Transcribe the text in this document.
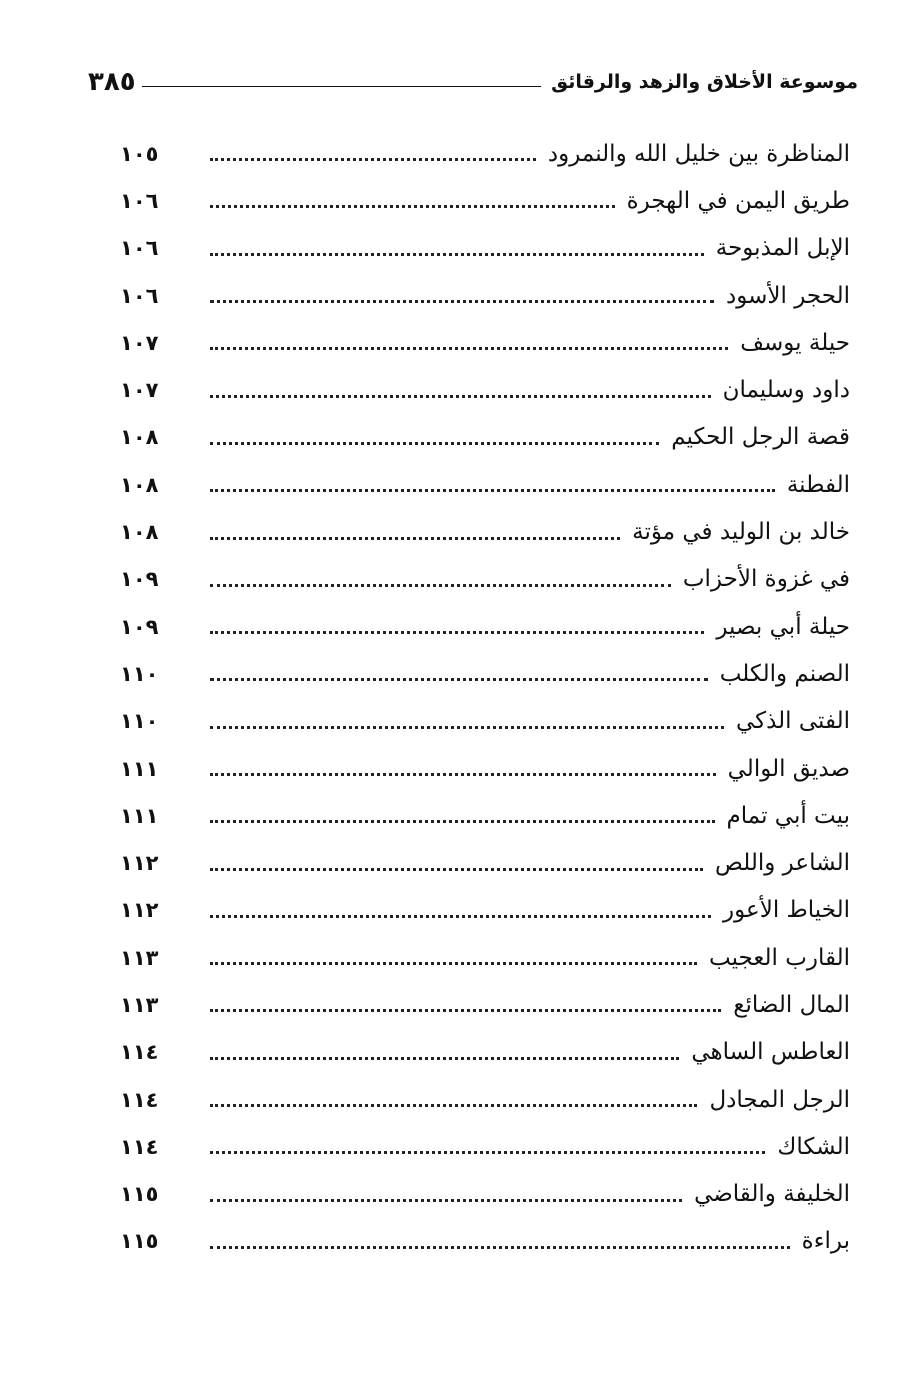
موسوعة الأخلاق والزهد والرقائق
٣٨٥
المناظرة بين خليل الله والنمرود
١٠٥
طريق اليمن في الهجرة
١٠٦
الإبل المذبوحة
١٠٦
الحجر الأسود
١٠٦
حيلة يوسف
١٠٧
داود وسليمان
١٠٧
قصة الرجل الحكيم
١٠٨
الفطنة
١٠٨
خالد بن الوليد في مؤتة
١٠٨
في غزوة الأحزاب
١٠٩
حيلة أبي بصير
١٠٩
الصنم والكلب
١١٠
الفتى الذكي
١١٠
صديق الوالي
١١١
بيت أبي تمام
١١١
الشاعر واللص
١١٢
الخياط الأعور
١١٢
القارب العجيب
١١٣
المال الضائع
١١٣
العاطس الساهي
١١٤
الرجل المجادل
١١٤
الشكاك
١١٤
الخليفة والقاضي
١١٥
براءة
١١٥
